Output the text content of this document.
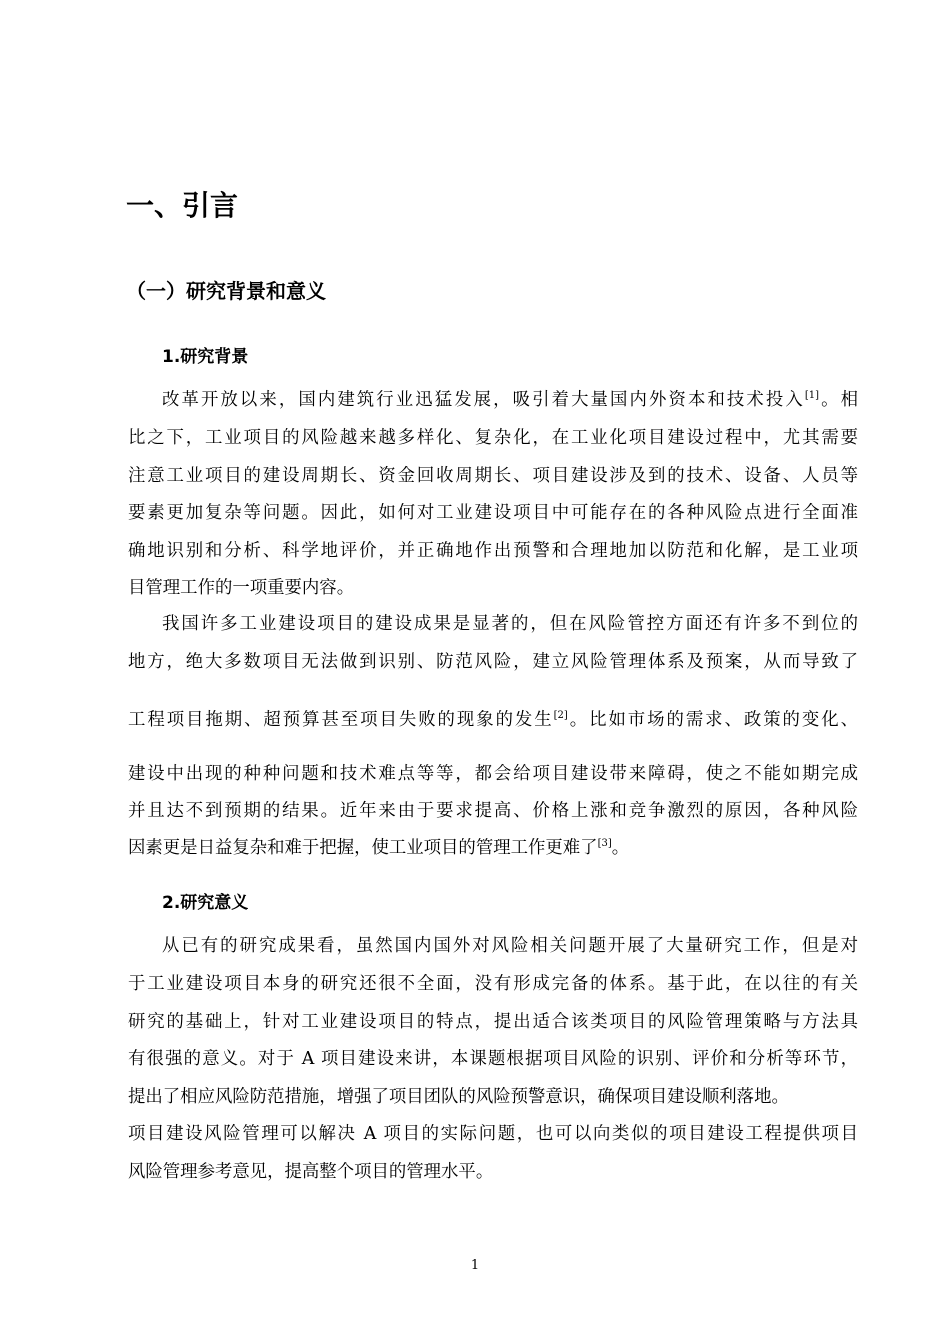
一、引言
（一）研究背景和意义
1.研究背景
改革开放以来，国内建筑行业迅猛发展，吸引着大量国内外资本和技术投入[1]。相
比之下，工业项目的风险越来越多样化、复杂化，在工业化项目建设过程中，尤其需要
注意工业项目的建设周期长、资金回收周期长、项目建设涉及到的技术、设备、人员等
要素更加复杂等问题。因此，如何对工业建设项目中可能存在的各种风险点进行全面准
确地识别和分析、科学地评价，并正确地作出预警和合理地加以防范和化解，是工业项
目管理工作的一项重要内容。
我国许多工业建设项目的建设成果是显著的，但在风险管控方面还有许多不到位的
地方，绝大多数项目无法做到识别、防范风险，建立风险管理体系及预案，从而导致了
工程项目拖期、超预算甚至项目失败的现象的发生[2]。比如市场的需求、政策的变化、
建设中出现的种种问题和技术难点等等，都会给项目建设带来障碍，使之不能如期完成
并且达不到预期的结果。近年来由于要求提高、价格上涨和竞争激烈的原因，各种风险
因素更是日益复杂和难于把握，使工业项目的管理工作更难了[3]。
2.研究意义
从已有的研究成果看，虽然国内国外对风险相关问题开展了大量研究工作，但是对
于工业建设项目本身的研究还很不全面，没有形成完备的体系。基于此，在以往的有关
研究的基础上，针对工业建设项目的特点，提出适合该类项目的风险管理策略与方法具
有很强的意义。对于 A 项目建设来讲，本课题根据项目风险的识别、评价和分析等环节，
提出了相应风险防范措施，增强了项目团队的风险预警意识，确保项目建设顺利落地。
项目建设风险管理可以解决 A 项目的实际问题，也可以向类似的项目建设工程提供项目
风险管理参考意见，提高整个项目的管理水平。
1
